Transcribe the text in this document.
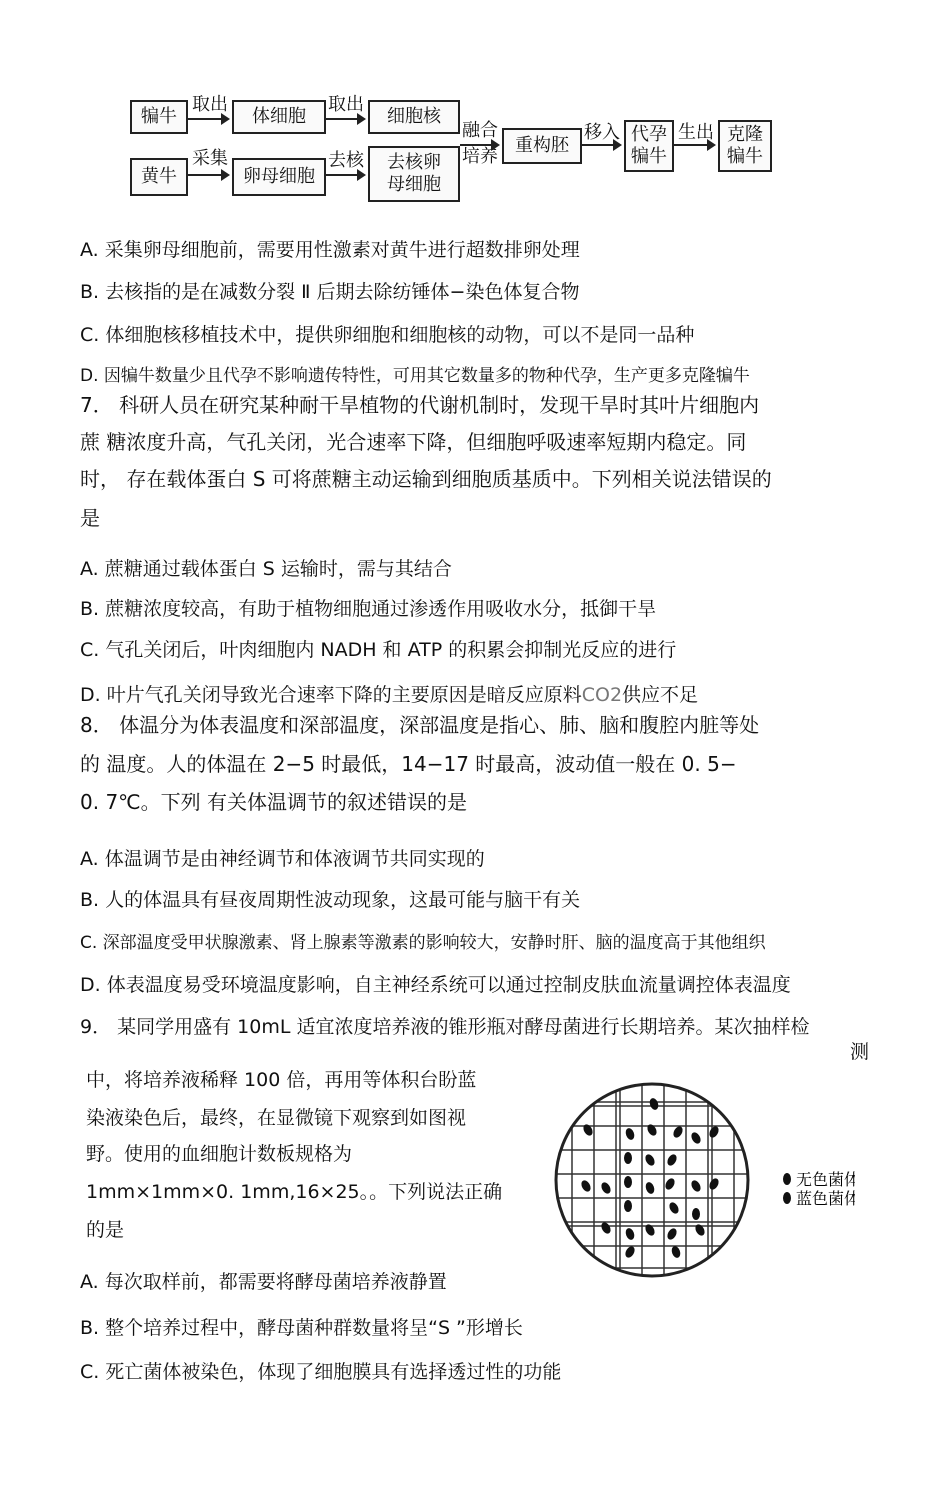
犏牛
取出
体细胞
取出
细胞核
黄牛
采集
卵母细胞
去核	去核卵母细胞
融合
培养
重构胚
移入 代孕犏牛
生出 克隆犏牛
A. 采集卵母细胞前，需要用性激素对黄牛进行超数排卵处理
B. 去核指的是在减数分裂 Ⅱ 后期去除纺锤体−染色体复合物
C. 体细胞核移植技术中，提供卵细胞和细胞核的动物，可以不是同一品种
D. 因犏牛数量少且代孕不影响遗传特性，可用其它数量多的物种代孕，生产更多克隆犏牛
7． 科研人员在研究某种耐干旱植物的代谢机制时，发现干旱时其叶片细胞内
蔗 糖浓度升高，气孔关闭，光合速率下降，但细胞呼吸速率短期内稳定。同
时， 存在载体蛋白 S 可将蔗糖主动运输到细胞质基质中。下列相关说法错误的
是
A. 蔗糖通过载体蛋白 S 运输时，需与其结合
B. 蔗糖浓度较高，有助于植物细胞通过渗透作用吸收水分，抵御干旱
C. 气孔关闭后，叶肉细胞内 NADH 和 ATP 的积累会抑制光反应的进行
D. 叶片气孔关闭导致光合速率下降的主要原因是暗反应原料CO2供应不足
8． 体温分为体表温度和深部温度，深部温度是指心、肺、脑和腹腔内脏等处
的 温度。人的体温在 2−5 时最低，14−17 时最高，波动值一般在 0. 5−
0. 7℃。下列 有关体温调节的叙述错误的是
A. 体温调节是由神经调节和体液调节共同实现的
B. 人的体温具有昼夜周期性波动现象，这最可能与脑干有关
C. 深部温度受甲状腺激素、肾上腺素等激素的影响较大，安静时肝、脑的温度高于其他组织
D. 体表温度易受环境温度影响，自主神经系统可以通过控制皮肤血流量调控体表温度
9． 某同学用盛有 10mL 适宜浓度培养液的锥形瓶对酵母菌进行长期培养。某次抽样检
测
中，将培养液稀释 100 倍，再用等体积台盼蓝
染液染色后，最终，在显微镜下观察到如图视
野。使用的血细胞计数板规格为
1mm×1mm×0. 1mm,16×25。。下列说法正确
的是
无色菌体
蓝色菌体
A. 每次取样前，都需要将酵母菌培养液静置
B. 整个培养过程中，酵母菌种群数量将呈“S ”形增长
C. 死亡菌体被染色，体现了细胞膜具有选择透过性的功能
